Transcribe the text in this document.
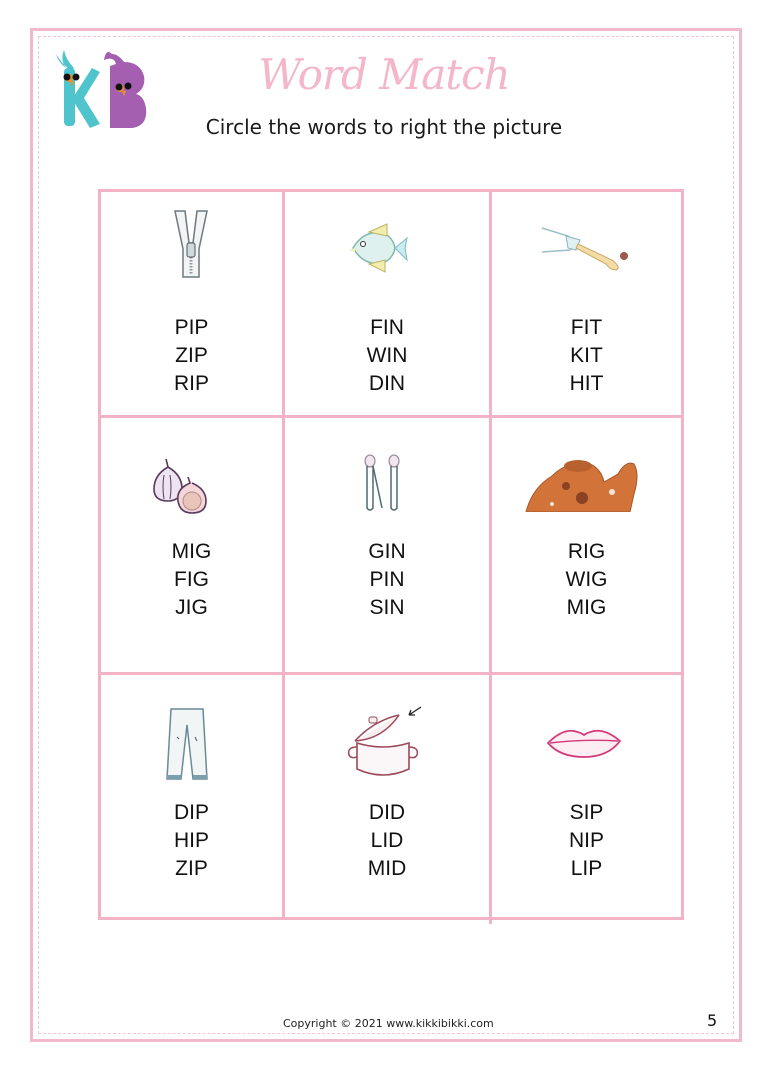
Word Match
Circle the words to right the picture
PIP
ZIP
RIP
FIN
WIN
DIN
FIT
KIT
HIT
MIG
FIG
JIG
GIN
PIN
SIN
RIG
WIG
MIG
DIP
HIP
ZIP
DID
LID
MID
SIP
NIP
LIP
Copyright © 2021 www.kikkibikki.com	5
